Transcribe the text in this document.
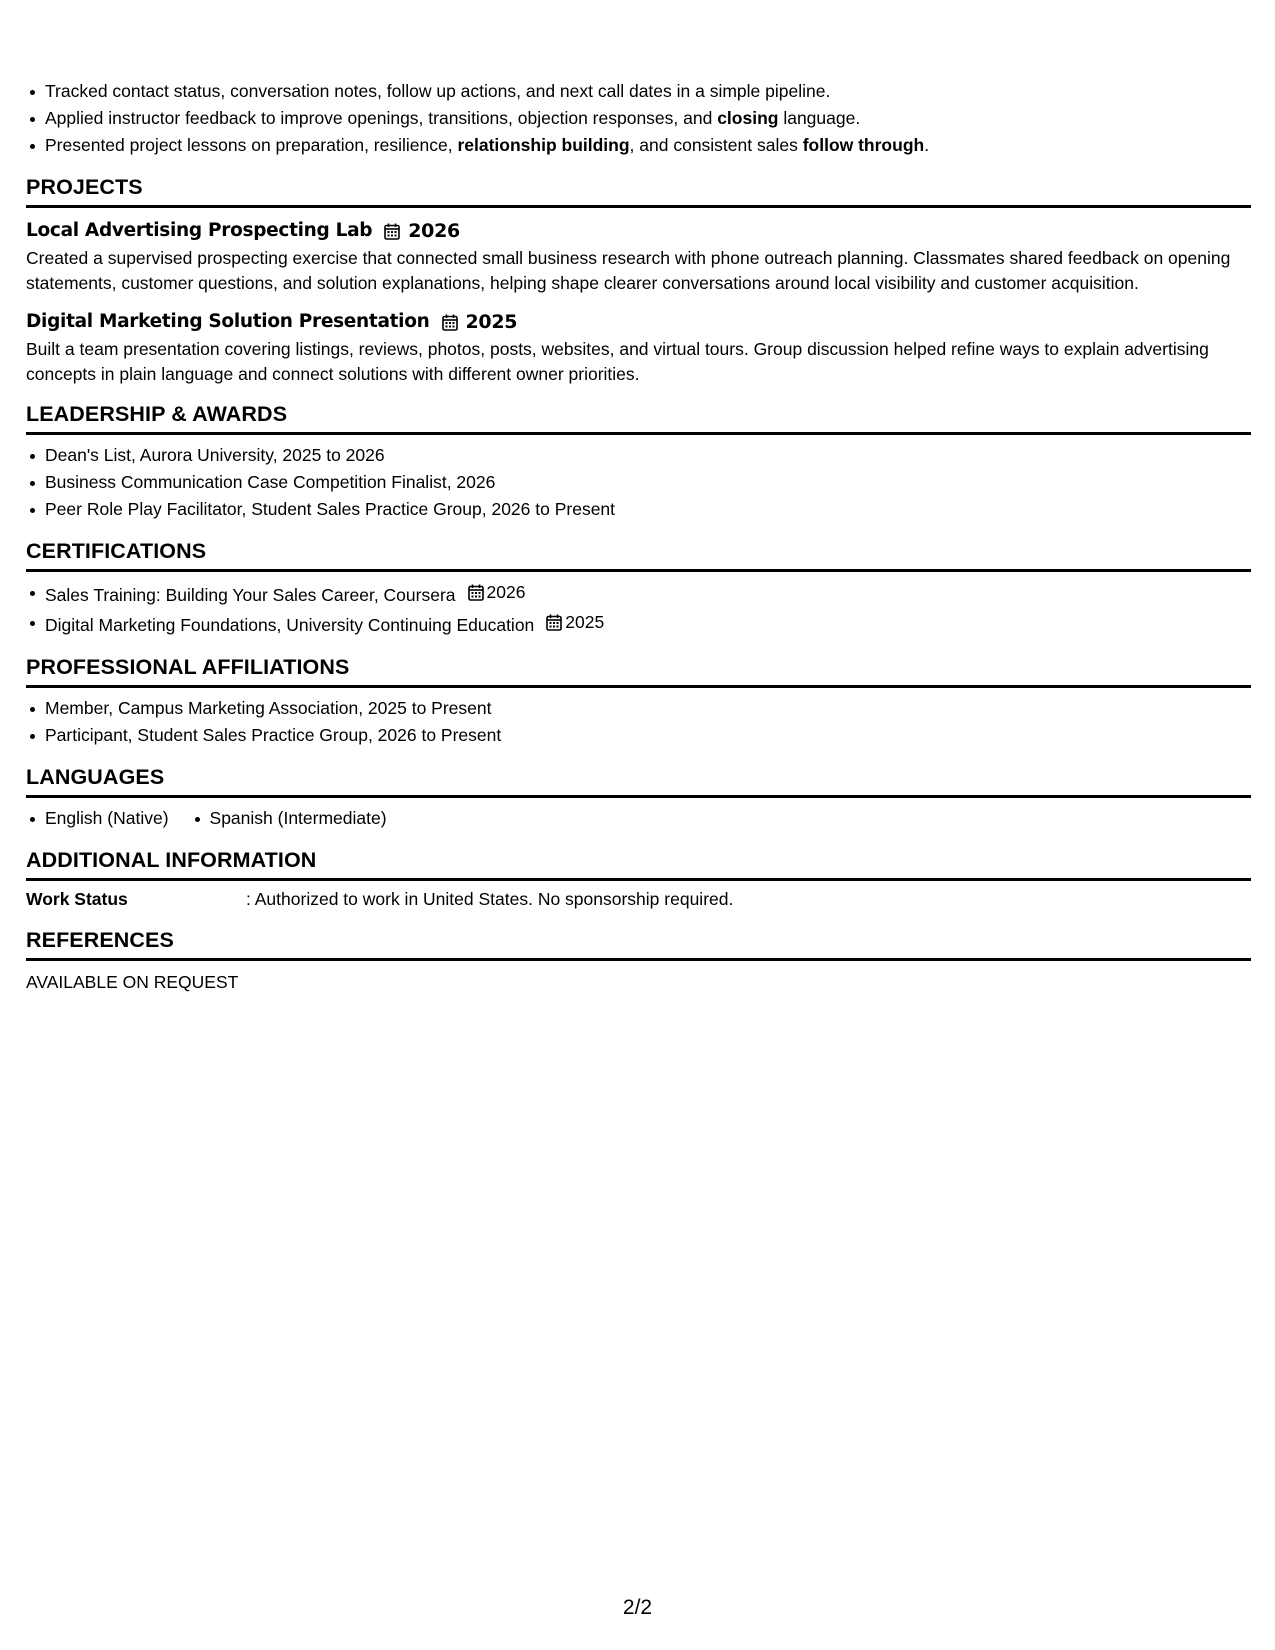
Tracked contact status, conversation notes, follow up actions, and next call dates in a simple pipeline.
Applied instructor feedback to improve openings, transitions, objection responses, and closing language.
Presented project lessons on preparation, resilience, relationship building, and consistent sales follow through.
PROJECTS
Local Advertising Prospecting Lab 2026
Created a supervised prospecting exercise that connected small business research with phone outreach planning. Classmates shared feedback on opening statements, customer questions, and solution explanations, helping shape clearer conversations around local visibility and customer acquisition.
Digital Marketing Solution Presentation 2025
Built a team presentation covering listings, reviews, photos, posts, websites, and virtual tours. Group discussion helped refine ways to explain advertising concepts in plain language and connect solutions with different owner priorities.
LEADERSHIP & AWARDS
Dean's List, Aurora University, 2025 to 2026
Business Communication Case Competition Finalist, 2026
Peer Role Play Facilitator, Student Sales Practice Group, 2026 to Present
CERTIFICATIONS
Sales Training: Building Your Sales Career, Coursera 2026
Digital Marketing Foundations, University Continuing Education 2025
PROFESSIONAL AFFILIATIONS
Member, Campus Marketing Association, 2025 to Present
Participant, Student Sales Practice Group, 2026 to Present
LANGUAGES
English (Native)	Spanish (Intermediate)
ADDITIONAL INFORMATION
Work Status	: Authorized to work in United States. No sponsorship required.
REFERENCES
AVAILABLE ON REQUEST
2/2
